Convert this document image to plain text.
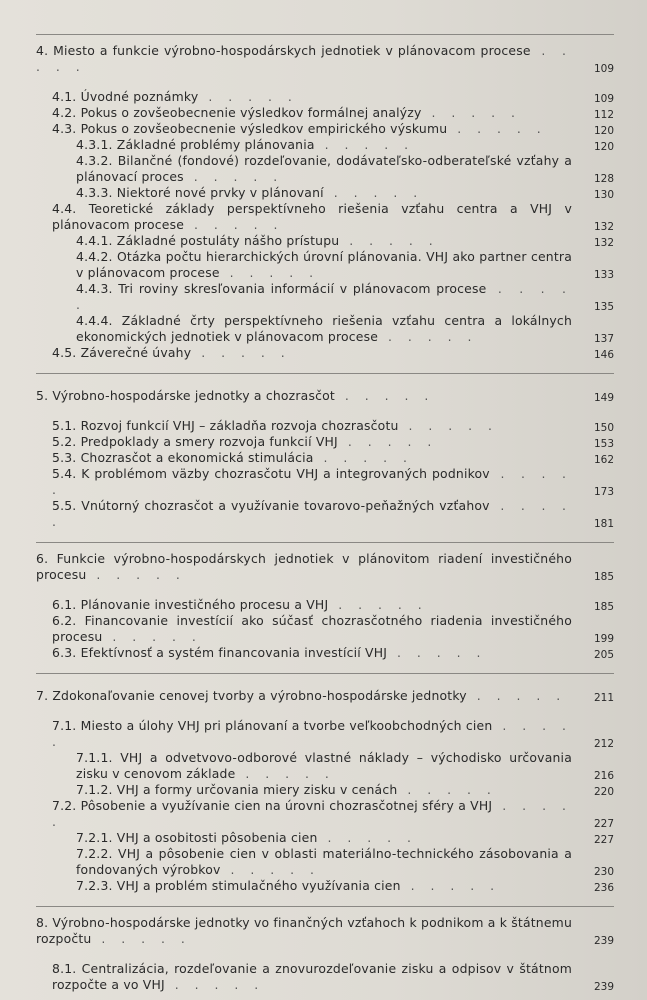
4. Miesto a funkcie výrobno-hospodárskych jednotiek v plánovacom procese . . . . .	109
4.1. Úvodné poznámky . . . . .	109
4.2. Pokus o zovšeobecnenie výsledkov formálnej analýzy . . . . .	112
4.3. Pokus o zovšeobecnenie výsledkov empirického výskumu . . . . .	120
4.3.1. Základné problémy plánovania . . . . .	120
4.3.2. Bilančné (fondové) rozdeľovanie, dodávateľsko-odberateľské vzťahy a plánovací proces . . . . .	128
4.3.3. Niektoré nové prvky v plánovaní . . . . .	130
4.4. Teoretické základy perspektívneho riešenia vzťahu centra a VHJ v plánovacom procese . . . . .	132
4.4.1. Základné postuláty nášho prístupu . . . . .	132
4.4.2. Otázka počtu hierarchických úrovní plánovania. VHJ ako partner centra v plánovacom procese . . . . .	133
4.4.3. Tri roviny skresľovania informácií v plánovacom procese . . . . .	135
4.4.4. Základné črty perspektívneho riešenia vzťahu centra a lokálnych ekonomických jednotiek v plánovacom procese . . . . .	137
4.5. Záverečné úvahy . . . . .	146
5. Výrobno-hospodárske jednotky a chozrasčot . . . . .	149
5.1. Rozvoj funkcií VHJ – základňa rozvoja chozrasčotu . . . . .	150
5.2. Predpoklady a smery rozvoja funkcií VHJ . . . . .	153
5.3. Chozrasčot a ekonomická stimulácia . . . . .	162
5.4. K problémom väzby chozrasčotu VHJ a integrovaných podnikov . . . . .	173
5.5. Vnútorný chozrasčot a využívanie tovarovo-peňažných vzťahov . . . . .	181
6. Funkcie výrobno-hospodárskych jednotiek v plánovitom riadení investičného procesu . . . . .	185
6.1. Plánovanie investičného procesu a VHJ . . . . .	185
6.2. Financovanie investícií ako súčasť chozrasčotného riadenia investičného procesu . . . . .	199
6.3. Efektívnosť a systém financovania investícií VHJ . . . . .	205
7. Zdokonaľovanie cenovej tvorby a výrobno-hospodárske jednotky . . . . .	211
7.1. Miesto a úlohy VHJ pri plánovaní a tvorbe veľkoobchodných cien . . . . .	212
7.1.1. VHJ a odvetvovo-odborové vlastné náklady – východisko určovania zisku v cenovom základe . . . . .	216
7.1.2. VHJ a formy určovania miery zisku v cenách . . . . .	220
7.2. Pôsobenie a využívanie cien na úrovni chozrasčotnej sféry a VHJ . . . . .	227
7.2.1. VHJ a osobitosti pôsobenia cien . . . . .	227
7.2.2. VHJ a pôsobenie cien v oblasti materiálno-technického zásobovania a fondovaných výrobkov . . . . .	230
7.2.3. VHJ a problém stimulačného využívania cien . . . . .	236
8. Výrobno-hospodárske jednotky vo finančných vzťahoch k podnikom a k štátnemu rozpočtu . . . . .	239
8.1. Centralizácia, rozdeľovanie a znovurozdeľovanie zisku a odpisov v štátnom rozpočte a vo VHJ . . . . .	239
